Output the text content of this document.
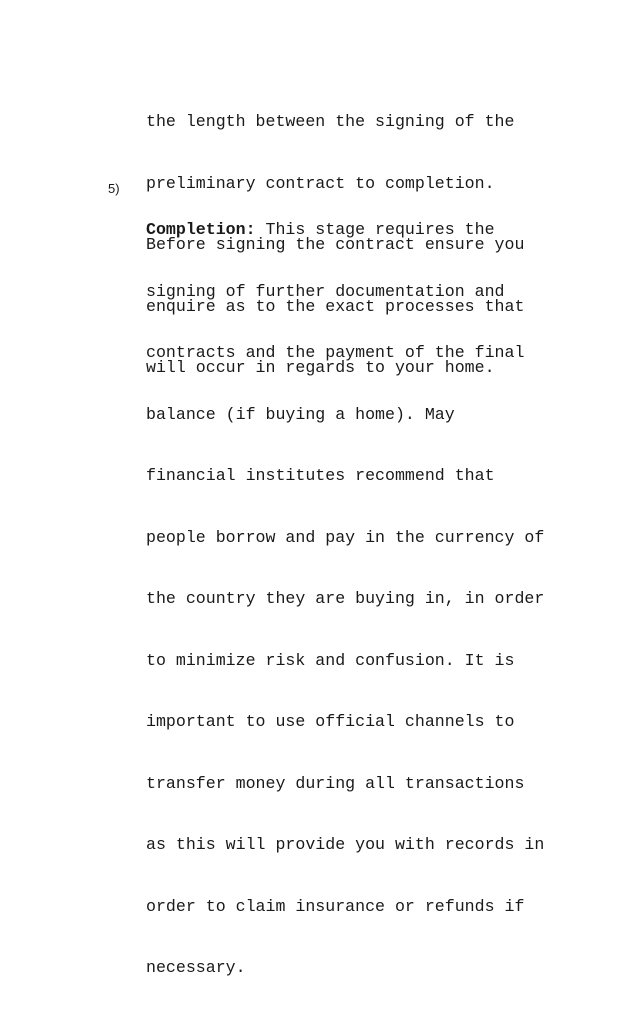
the length between the signing of the

preliminary contract to completion.

Before signing the contract ensure you

enquire as to the exact processes that

will occur in regards to your home.

5)

Completion: This stage requires the

signing of further documentation and

contracts and the payment of the final

balance (if buying a home). May

financial institutes recommend that

people borrow and pay in the currency of

the country they are buying in, in order

to minimize risk and confusion. It is

important to use official channels to

transfer money during all transactions

as this will provide you with records in

order to claim insurance or refunds if

necessary.
